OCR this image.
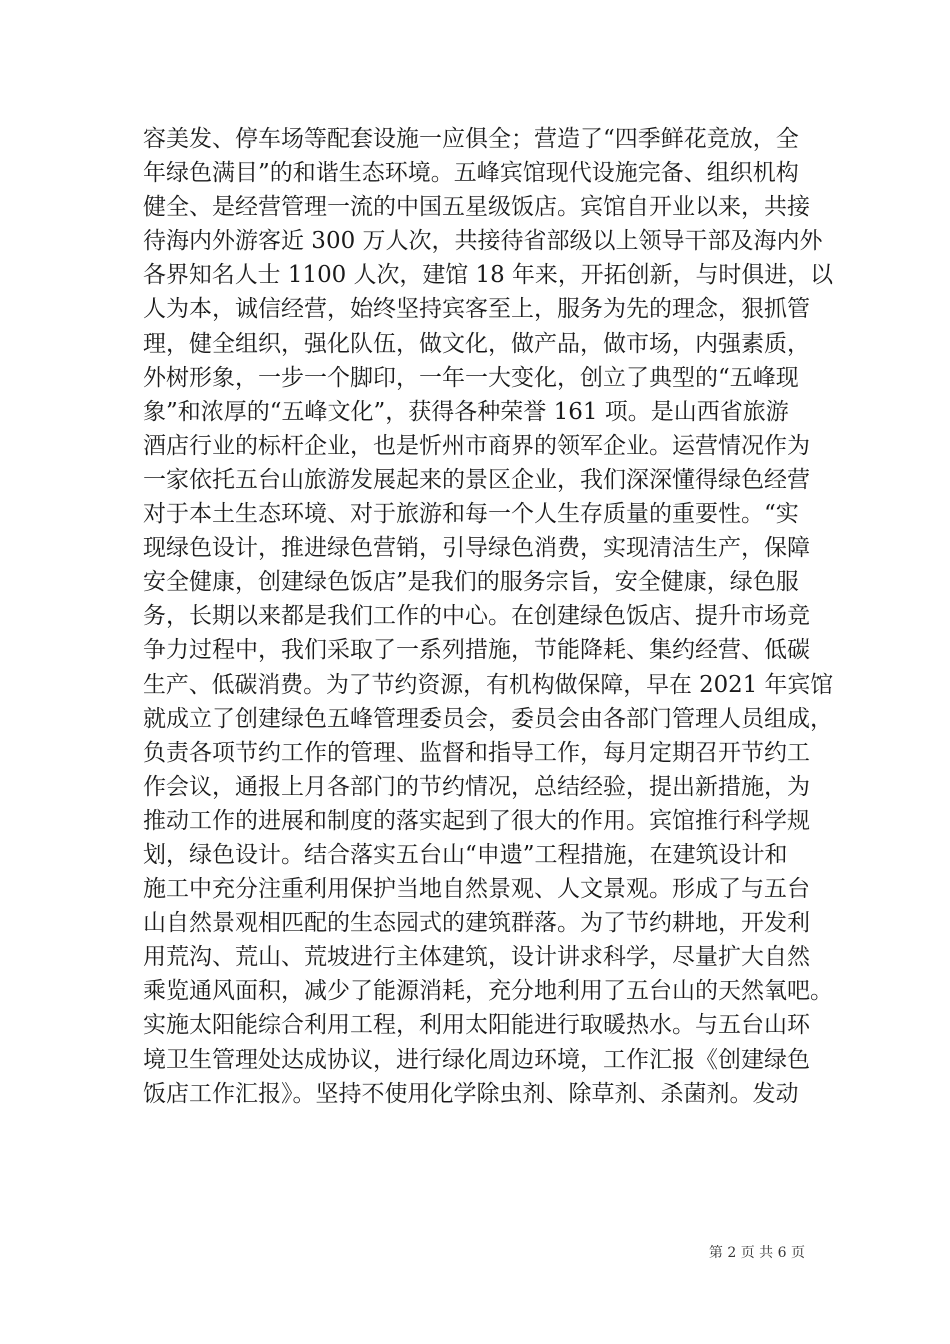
容美发、停车场等配套设施一应俱全；营造了“四季鲜花竞放，全
年绿色满目”的和谐生态环境。五峰宾馆现代设施完备、组织机构
健全、是经营管理一流的中国五星级饭店。宾馆自开业以来，共接
待海内外游客近 300 万人次，共接待省部级以上领导干部及海内外
各界知名人士 1100 人次，建馆 18 年来，开拓创新，与时俱进，以
人为本，诚信经营，始终坚持宾客至上，服务为先的理念，狠抓管
理，健全组织，强化队伍，做文化，做产品，做市场，内强素质，
外树形象，一步一个脚印，一年一大变化，创立了典型的“五峰现
象”和浓厚的“五峰文化”，获得各种荣誉 161 项。是山西省旅游
酒店行业的标杆企业，也是忻州市商界的领军企业。运营情况作为
一家依托五台山旅游发展起来的景区企业，我们深深懂得绿色经营
对于本土生态环境、对于旅游和每一个人生存质量的重要性。“实
现绿色设计，推进绿色营销，引导绿色消费，实现清洁生产，保障
安全健康，创建绿色饭店”是我们的服务宗旨，安全健康，绿色服
务，长期以来都是我们工作的中心。在创建绿色饭店、提升市场竞
争力过程中，我们采取了一系列措施，节能降耗、集约经营、低碳
生产、低碳消费。为了节约资源，有机构做保障，早在 2021 年宾馆
就成立了创建绿色五峰管理委员会，委员会由各部门管理人员组成，
负责各项节约工作的管理、监督和指导工作，每月定期召开节约工
作会议，通报上月各部门的节约情况，总结经验，提出新措施，为
推动工作的进展和制度的落实起到了很大的作用。宾馆推行科学规
划，绿色设计。结合落实五台山“申遗”工程措施，在建筑设计和
施工中充分注重利用保护当地自然景观、人文景观。形成了与五台
山自然景观相匹配的生态园式的建筑群落。为了节约耕地，开发利
用荒沟、荒山、荒坡进行主体建筑，设计讲求科学，尽量扩大自然
乘览通风面积，减少了能源消耗，充分地利用了五台山的天然氧吧。
实施太阳能综合利用工程，利用太阳能进行取暖热水。与五台山环
境卫生管理处达成协议，进行绿化周边环境，工作汇报《创建绿色
饭店工作汇报》。坚持不使用化学除虫剂、除草剂、杀菌剂。发动
第 2 页 共 6 页
